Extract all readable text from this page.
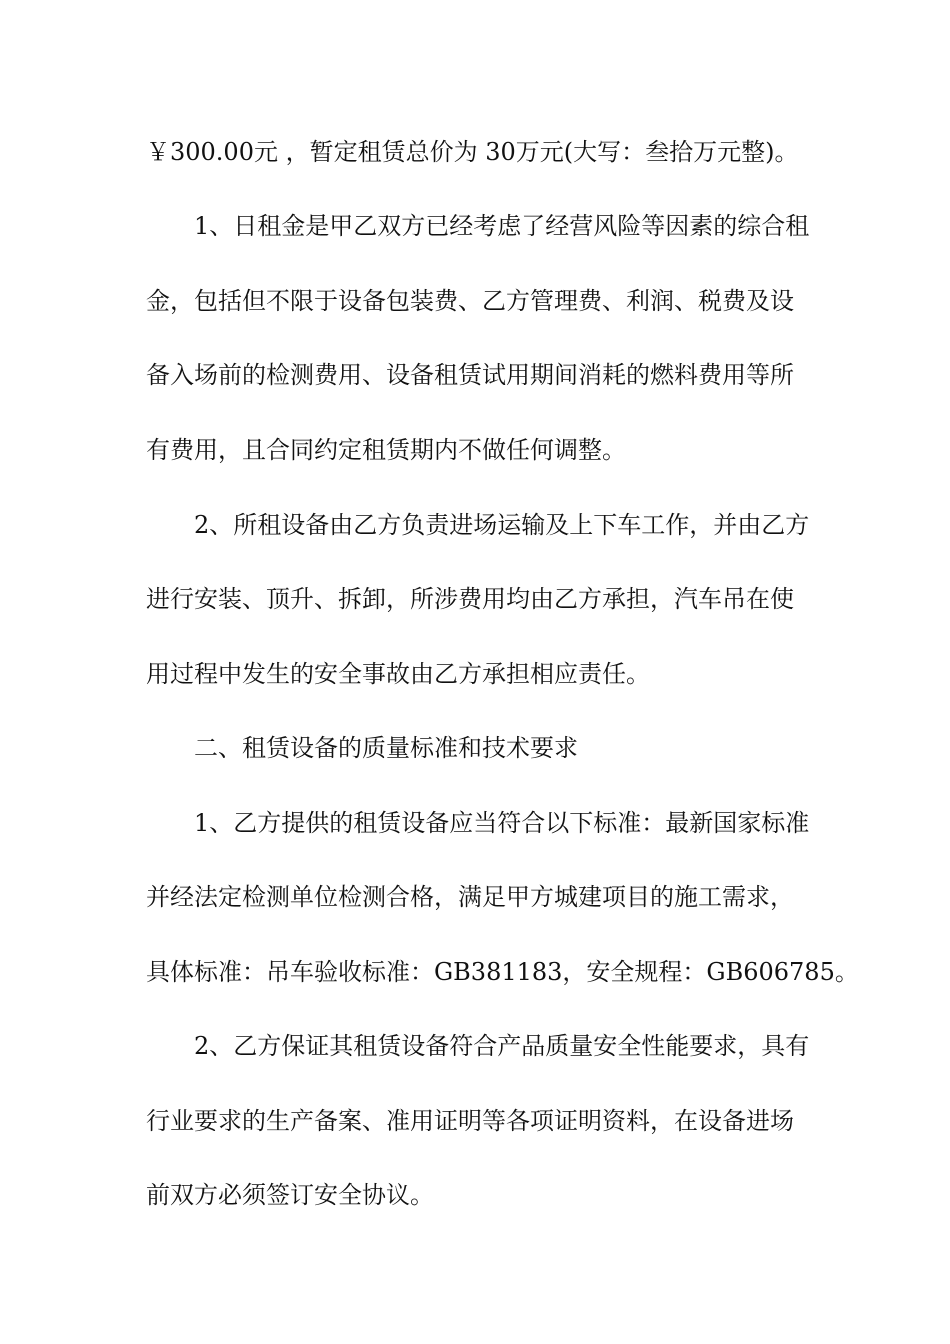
￥300.00元 ，暂定租赁总价为 30万元(大写：叁拾万元整)。

1、日租金是甲乙双方已经考虑了经营风险等因素的综合租

金，包括但不限于设备包装费、乙方管理费、利润、税费及设

备入场前的检测费用、设备租赁试用期间消耗的燃料费用等所

有费用，且合同约定租赁期内不做任何调整。

2、所租设备由乙方负责进场运输及上下车工作，并由乙方

进行安装、顶升、拆卸，所涉费用均由乙方承担，汽车吊在使

用过程中发生的安全事故由乙方承担相应责任。

二、租赁设备的质量标准和技术要求

1、乙方提供的租赁设备应当符合以下标准：最新国家标准

并经法定检测单位检测合格，满足甲方城建项目的施工需求，

具体标准：吊车验收标准：GB381183，安全规程：GB606785。

2、乙方保证其租赁设备符合产品质量安全性能要求，具有

行业要求的生产备案、准用证明等各项证明资料，在设备进场

前双方必须签订安全协议。
